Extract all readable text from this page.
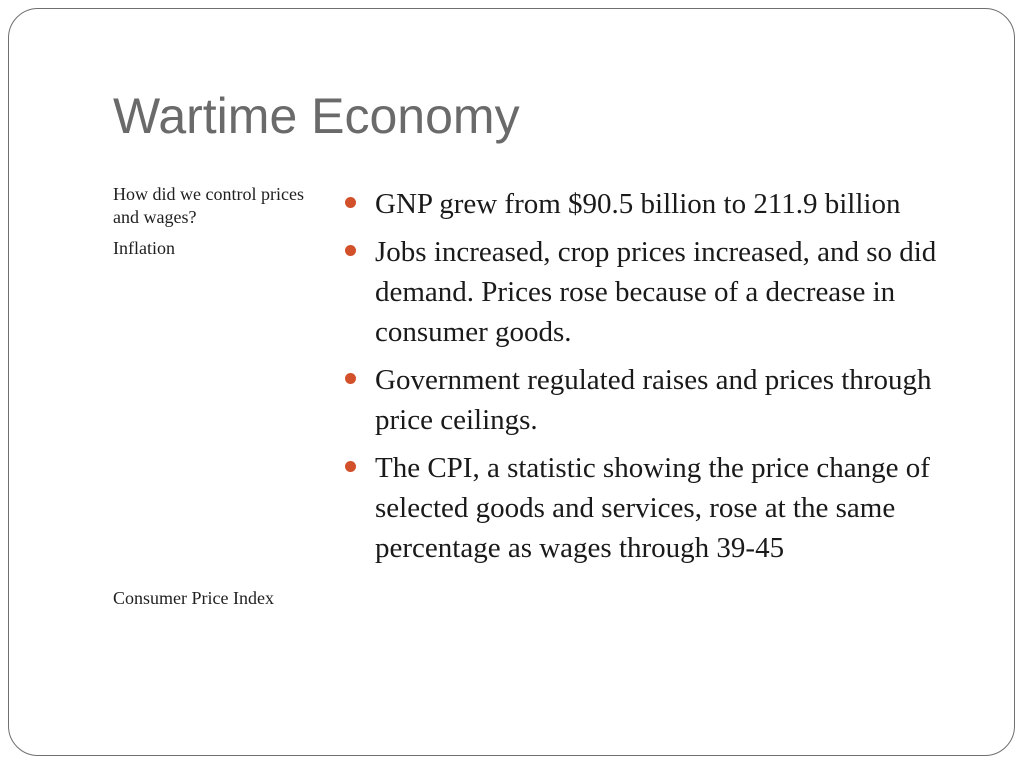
Wartime Economy

How did we control prices and wages?

Inflation

Consumer Price Index

GNP grew from $90.5 billion to 211.9 billion
Jobs increased, crop prices increased, and so did demand. Prices rose because of a decrease in consumer goods.
Government regulated raises and prices through price ceilings.
The CPI, a statistic showing the price change of selected goods and services, rose at the same percentage as wages through 39-45
